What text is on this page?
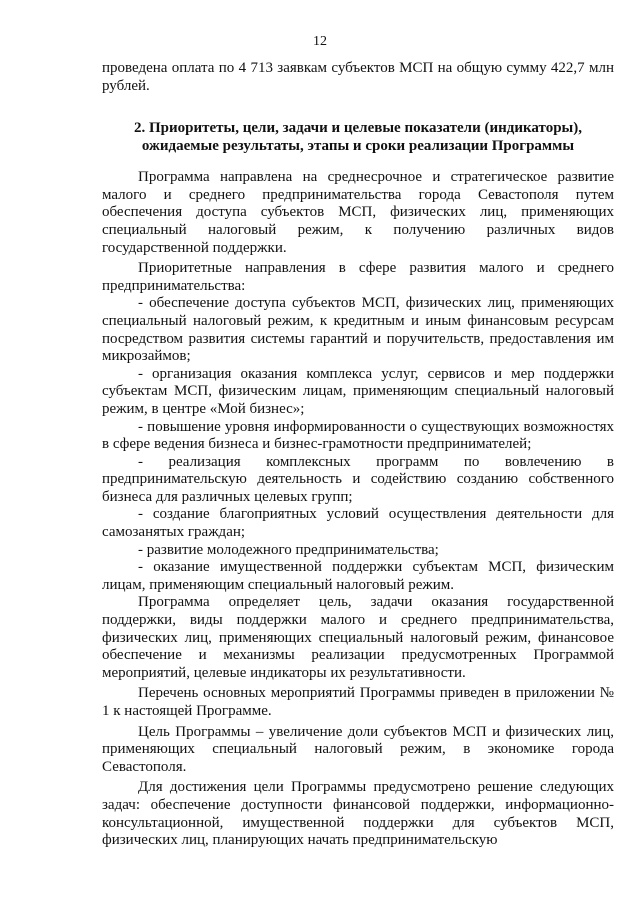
12

проведена оплата по 4 713 заявкам субъектов МСП на общую сумму 422,7 млн рублей.

2. Приоритеты, цели, задачи и целевые показатели (индикаторы), ожидаемые результаты, этапы и сроки реализации Программы

Программа направлена на среднесрочное и стратегическое развитие малого и среднего предпринимательства города Севастополя путем обеспечения доступа субъектов МСП, физических лиц, применяющих специальный налоговый режим, к получению различных видов государственной поддержки.

Приоритетные направления в сфере развития малого и среднего предпринимательства:

- обеспечение доступа субъектов МСП, физических лиц, применяющих специальный налоговый режим, к кредитным и иным финансовым ресурсам посредством развития системы гарантий и поручительств, предоставления им микрозаймов;

- организация оказания комплекса услуг, сервисов и мер поддержки субъектам МСП, физическим лицам, применяющим специальный налоговый режим, в центре «Мой бизнес»;

- повышение уровня информированности о существующих возможностях в сфере ведения бизнеса и бизнес-грамотности предпринимателей;

- реализация комплексных программ по вовлечению в предпринимательскую деятельность и содействию созданию собственного бизнеса для различных целевых групп;

- создание благоприятных условий осуществления деятельности для самозанятых граждан;

- развитие молодежного предпринимательства;

- оказание имущественной поддержки субъектам МСП, физическим лицам, применяющим специальный налоговый режим.

Программа определяет цель, задачи оказания государственной поддержки, виды поддержки малого и среднего предпринимательства, физических лиц, применяющих специальный налоговый режим, финансовое обеспечение и механизмы реализации предусмотренных Программой мероприятий, целевые индикаторы их результативности.

Перечень основных мероприятий Программы приведен в приложении № 1 к настоящей Программе.

Цель Программы – увеличение доли субъектов МСП и физических лиц, применяющих специальный налоговый режим, в экономике города Севастополя.

Для достижения цели Программы предусмотрено решение следующих задач: обеспечение доступности финансовой поддержки, информационно-консультационной, имущественной поддержки для субъектов МСП, физических лиц, планирующих начать предпринимательскую
